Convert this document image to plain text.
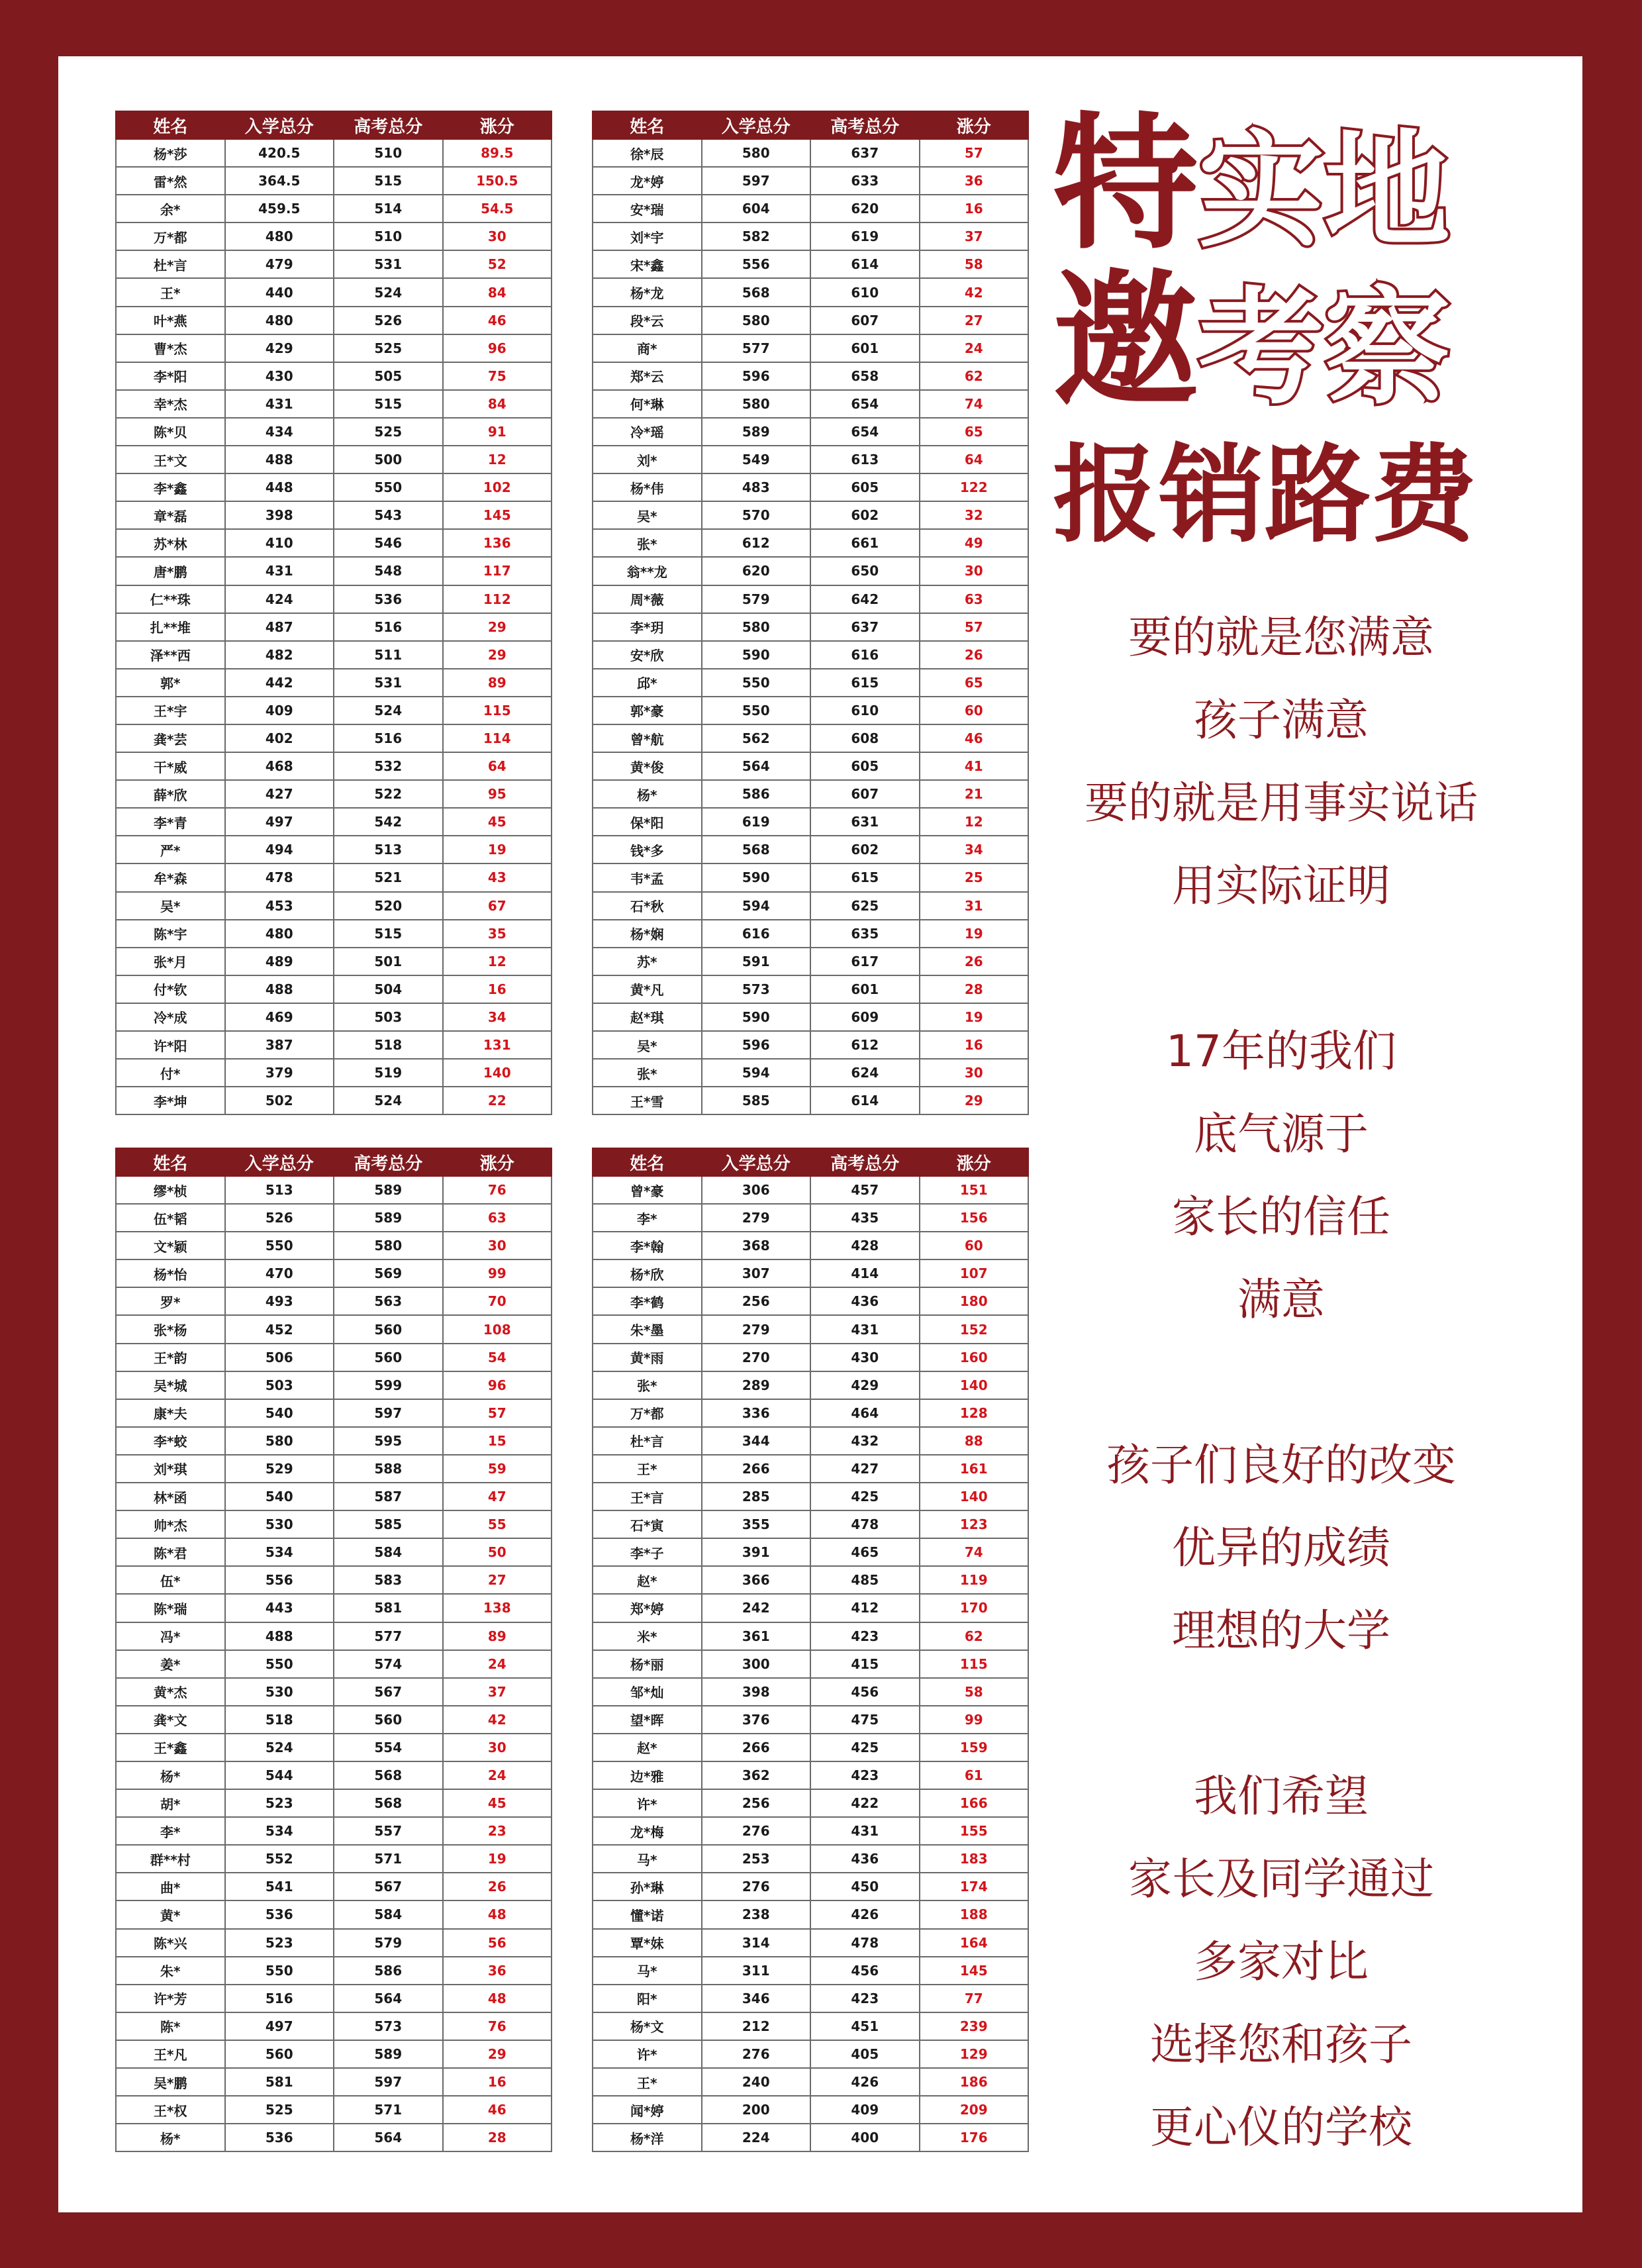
姓名	入学总分	高考总分	涨分
杨*莎	420.5	510	89.5
雷*然	364.5	515	150.5
余*	459.5	514	54.5
万*都	480	510	30
杜*言	479	531	52
王*	440	524	84
叶*燕	480	526	46
曹*杰	429	525	96
李*阳	430	505	75
幸*杰	431	515	84
陈*贝	434	525	91
王*文	488	500	12
李*鑫	448	550	102
章*磊	398	543	145
苏*林	410	546	136
唐*鹏	431	548	117
仁**珠	424	536	112
扎**堆	487	516	29
泽**西	482	511	29
郭*	442	531	89
王*宇	409	524	115
龚*芸	402	516	114
干*威	468	532	64
薛*欣	427	522	95
李*青	497	542	45
严*	494	513	19
牟*森	478	521	43
吴*	453	520	67
陈*宇	480	515	35
张*月	489	501	12
付*钦	488	504	16
冷*成	469	503	34
许*阳	387	518	131
付*	379	519	140
李*坤	502	524	22
姓名	入学总分	高考总分	涨分
徐*辰	580	637	57
龙*婷	597	633	36
安*瑞	604	620	16
刘*宇	582	619	37
宋*鑫	556	614	58
杨*龙	568	610	42
段*云	580	607	27
商*	577	601	24
郑*云	596	658	62
何*琳	580	654	74
冷*瑶	589	654	65
刘*	549	613	64
杨*伟	483	605	122
吴*	570	602	32
张*	612	661	49
翁**龙	620	650	30
周*薇	579	642	63
李*玥	580	637	57
安*欣	590	616	26
邱*	550	615	65
郭*豪	550	610	60
曾*航	562	608	46
黄*俊	564	605	41
杨*	586	607	21
保*阳	619	631	12
钱*多	568	602	34
韦*孟	590	615	25
石*秋	594	625	31
杨*娴	616	635	19
苏*	591	617	26
黄*凡	573	601	28
赵*琪	590	609	19
吴*	596	612	16
张*	594	624	30
王*雪	585	614	29
姓名	入学总分	高考总分	涨分
缪*桢	513	589	76
伍*韬	526	589	63
文*颖	550	580	30
杨*怡	470	569	99
罗*	493	563	70
张*杨	452	560	108
王*韵	506	560	54
吴*城	503	599	96
康*夫	540	597	57
李*蛟	580	595	15
刘*琪	529	588	59
林*函	540	587	47
帅*杰	530	585	55
陈*君	534	584	50
伍*	556	583	27
陈*瑞	443	581	138
冯*	488	577	89
姜*	550	574	24
黄*杰	530	567	37
龚*文	518	560	42
王*鑫	524	554	30
杨*	544	568	24
胡*	523	568	45
李*	534	557	23
群**村	552	571	19
曲*	541	567	26
黄*	536	584	48
陈*兴	523	579	56
朱*	550	586	36
许*芳	516	564	48
陈*	497	573	76
王*凡	560	589	29
吴*鹏	581	597	16
王*权	525	571	46
杨*	536	564	28
姓名	入学总分	高考总分	涨分
曾*豪	306	457	151
李*	279	435	156
李*翰	368	428	60
杨*欣	307	414	107
李*鹤	256	436	180
朱*墨	279	431	152
黄*雨	270	430	160
张*	289	429	140
万*都	336	464	128
杜*言	344	432	88
王*	266	427	161
王*言	285	425	140
石*寅	355	478	123
李*子	391	465	74
赵*	366	485	119
郑*婷	242	412	170
米*	361	423	62
杨*丽	300	415	115
邹*灿	398	456	58
望*晖	376	475	99
赵*	266	425	159
边*雅	362	423	61
许*	256	422	166
龙*梅	276	431	155
马*	253	436	183
孙*琳	276	450	174
懂*诺	238	426	188
覃*妹	314	478	164
马*	311	456	145
阳*	346	423	77
杨*文	212	451	239
许*	276	405	129
王*	240	426	186
闻*婷	200	409	209
杨*洋	224	400	176
特实地
邀考察
报销路费
要的就是您满意
孩子满意
要的就是用事实说话
用实际证明
17年的我们
底气源于
家长的信任
满意
孩子们良好的改变
优异的成绩
理想的大学
我们希望
家长及同学通过
多家对比
选择您和孩子
更心仪的学校
